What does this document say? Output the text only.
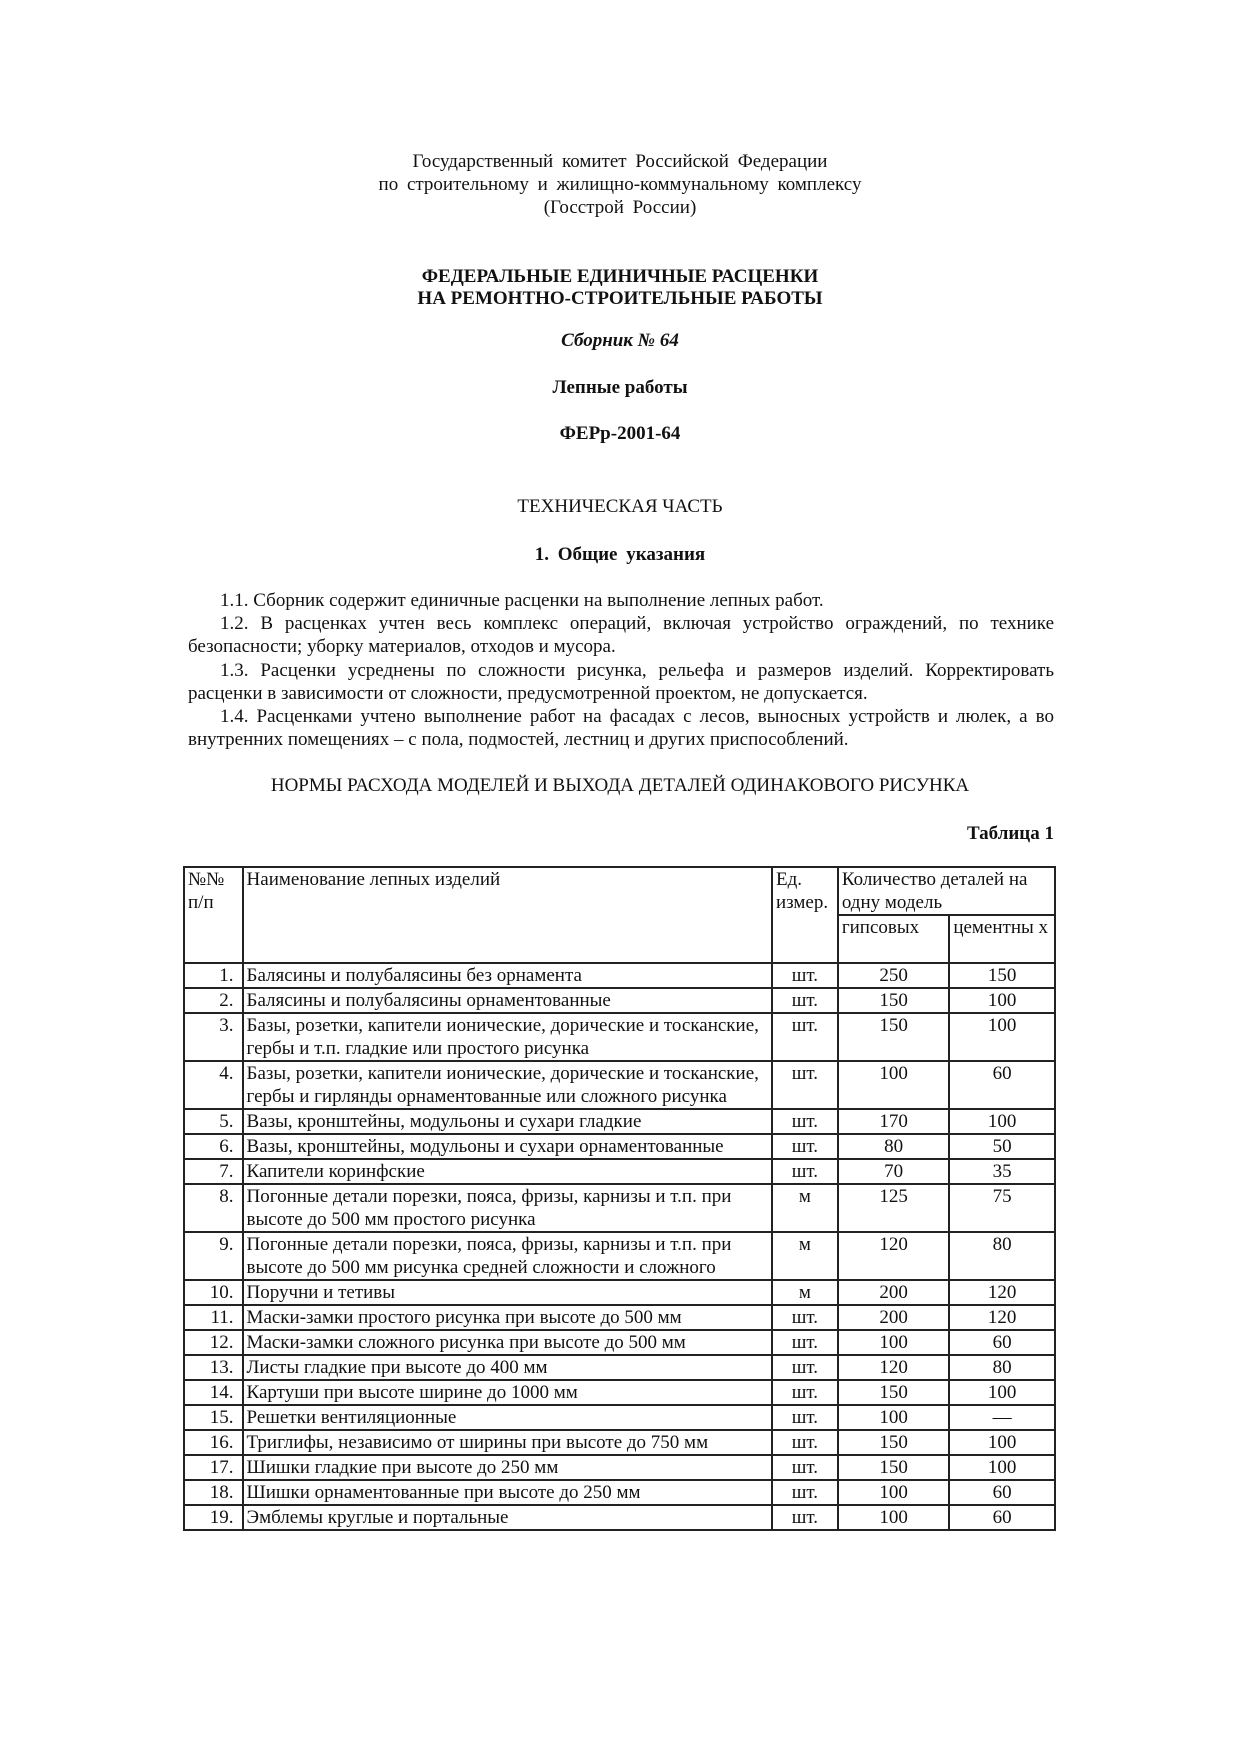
Государственный комитет Российской Федерации
по строительному и жилищно-коммунальному комплексу
(Госстрой России)
ФЕДЕРАЛЬНЫЕ ЕДИНИЧНЫЕ РАСЦЕНКИ
НА РЕМОНТНО-СТРОИТЕЛЬНЫЕ РАБОТЫ
Сборник № 64
Лепные работы
ФЕРр-2001-64
ТЕХНИЧЕСКАЯ ЧАСТЬ
1. Общие указания

1.1. Сборник содержит единичные расценки на выполнение лепных работ.

1.2. В расценках учтен весь комплекс операций, включая устройство ограждений, по технике безопасности; уборку материалов, отходов и мусора.

1.3. Расценки усреднены по сложности рисунка, рельефа и размеров изделий. Корректировать расценки в зависимости от сложности, предусмотренной проектом, не допускается.

1.4. Расценками учтено выполнение работ на фасадах с лесов, выносных устройств и люлек, а во внутренних помещениях – с пола, подмостей, лестниц и других приспособлений.

НОРМЫ РАСХОДА МОДЕЛЕЙ И ВЫХОДА ДЕТАЛЕЙ ОДИНАКОВОГО РИСУНКА
Таблица 1
№№ п/п	Наименование лепных изделий	Ед. измер.	Количество деталей на одну модель	
			гипсовых	цементны х
1.	Балясины и полубалясины без орнамента	шт.	250	150
2.	Балясины и полубалясины орнаментованные	шт.	150	100
3.	Базы, розетки, капители ионические, дорические и тосканские, гербы и т.п. гладкие или простого рисунка	шт.	150	100
4.	Базы, розетки, капители ионические, дорические и тосканские, гербы и гирлянды орнаментованные или сложного рисунка	шт.	100	60
5.	Вазы, кронштейны, модульоны и сухари гладкие	шт.	170	100
6.	Вазы, кронштейны, модульоны и сухари орнаментованные	шт.	80	50
7.	Капители коринфские	шт.	70	35
8.	Погонные детали порезки, пояса, фризы, карнизы и т.п. при высоте до 500 мм простого рисунка	м	125	75
9.	Погонные детали порезки, пояса, фризы, карнизы и т.п. при высоте до 500 мм рисунка средней сложности и сложного	м	120	80
10.	Поручни и тетивы	м	200	120
11.	Маски-замки простого рисунка при высоте до 500 мм	шт.	200	120
12.	Маски-замки сложного рисунка при высоте до 500 мм	шт.	100	60
13.	Листы гладкие при высоте до 400 мм	шт.	120	80
14.	Картуши при высоте ширине до 1000 мм	шт.	150	100
15.	Решетки вентиляционные	шт.	100	—
16.	Триглифы, независимо от ширины при высоте до 750 мм	шт.	150	100
17.	Шишки гладкие при высоте до 250 мм	шт.	150	100
18.	Шишки орнаментованные при высоте до 250 мм	шт.	100	60
19.	Эмблемы круглые и портальные	шт.	100	60
